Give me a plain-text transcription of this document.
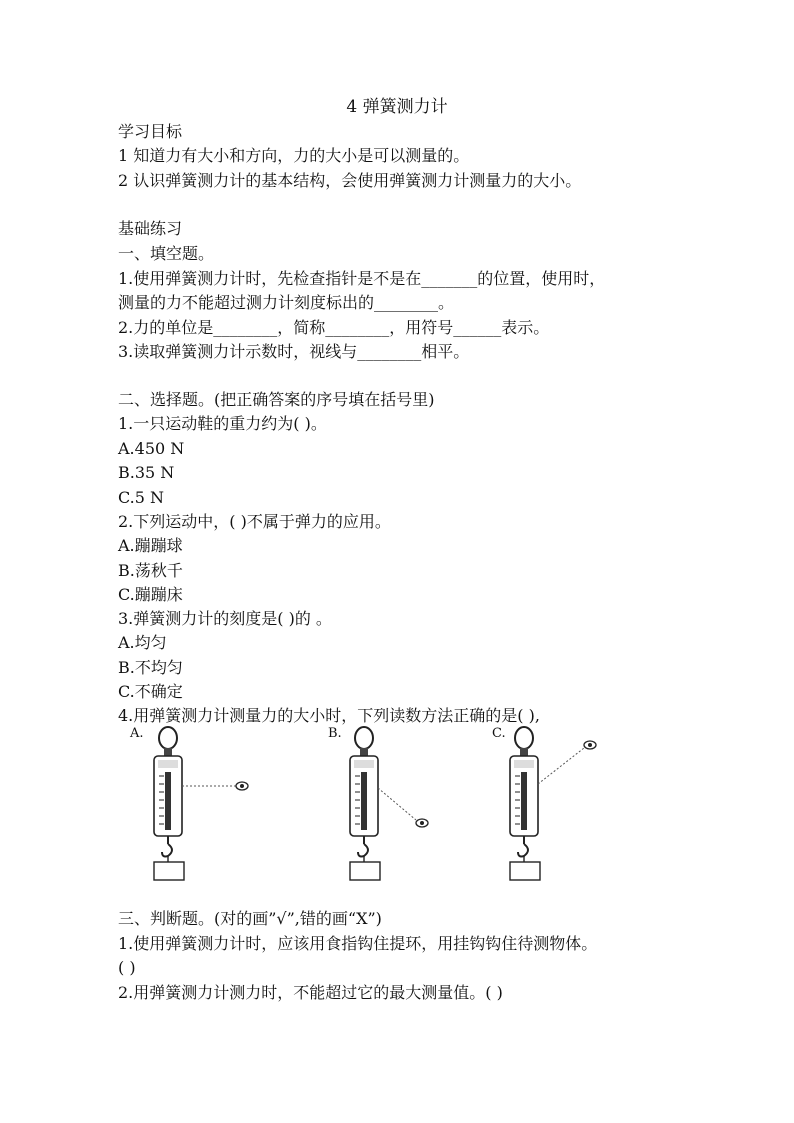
4 弹簧测力计
学习目标
1 知道力有大小和方向，力的大小是可以测量的。
2 认识弹簧测力计的基本结构，会使用弹簧测力计测量力的大小。
基础练习
一、填空题。
1.使用弹簧测力计时，先检查指针是不是在_______的位置，使用时，
测量的力不能超过测力计刻度标出的________。
2.力的单位是________，简称________，用符号______表示。
3.读取弹簧测力计示数时，视线与________相平。
二、选择题。(把正确答案的序号填在括号里)
1.一只运动鞋的重力约为( )。
A.450 N
B.35 N
C.5 N
2.下列运动中，( )不属于弹力的应用。
A.蹦蹦球
B.荡秋千
C.蹦蹦床
3.弹簧测力计的刻度是( )的 。
A.均匀
B.不均匀
C.不确定
4.用弹簧测力计测量力的大小时，下列读数方法正确的是( ),
A.	B.	C.
三、判断题。(对的画”√”,错的画“X”)
1.使用弹簧测力计时，应该用食指钩住提环，用挂钩钩住待测物体。
( )
2.用弹簧测力计测力时，不能超过它的最大测量值。( )
